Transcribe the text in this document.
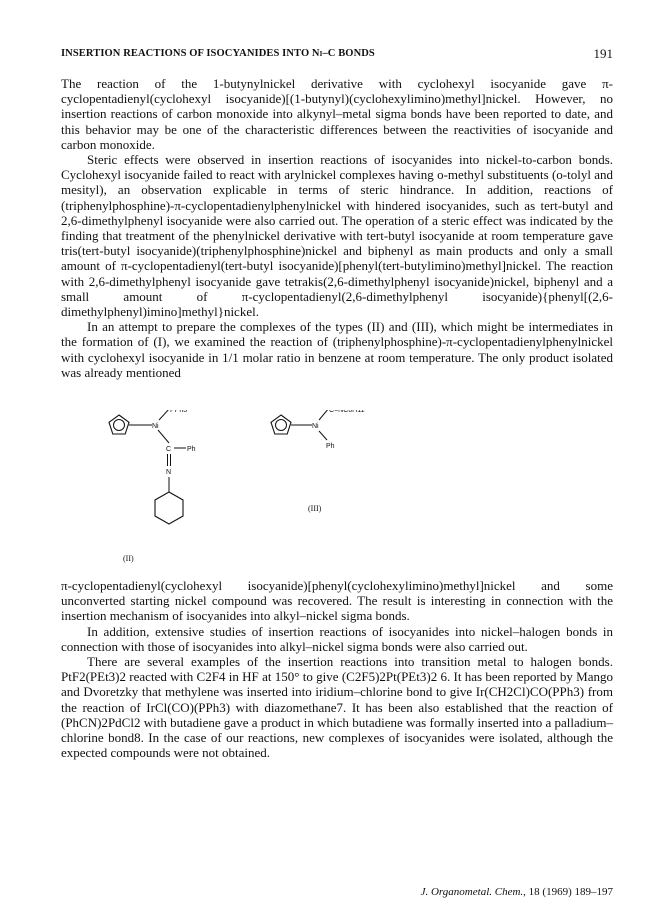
INSERTION REACTIONS OF ISOCYANIDES INTO Ni–C BONDS	191

The reaction of the 1-butynylnickel derivative with cyclohexyl isocyanide gave π-cyclopentadienyl(cyclohexyl isocyanide)[(1-butynyl)(cyclohexylimino)methyl]nickel. However, no insertion reactions of carbon monoxide into alkynyl–metal sigma bonds have been reported to date, and this behavior may be one of the characteristic differences between the reactivities of isocyanide and carbon monoxide.

Steric effects were observed in insertion reactions of isocyanides into nickel-to-carbon bonds. Cyclohexyl isocyanide failed to react with arylnickel complexes having o-methyl substituents (o-tolyl and mesityl), an observation explicable in terms of steric hindrance. In addition, reactions of (triphenylphosphine)-π-cyclopentadienylphenylnickel with hindered isocyanides, such as tert-butyl and 2,6-dimethylphenyl isocyanide were also carried out. The operation of a steric effect was indicated by the finding that treatment of the phenylnickel derivative with tert-butyl isocyanide at room temperature gave tris(tert-butyl isocyanide)(triphenylphosphine)nickel and biphenyl as main products and only a small amount of π-cyclopentadienyl(tert-butyl isocyanide)[phenyl(tert-butylimino)methyl]nickel. The reaction with 2,6-dimethylphenyl isocyanide gave tetrakis(2,6-dimethylphenyl isocyanide)nickel, biphenyl and a small amount of π-cyclopentadienyl(2,6-dimethylphenyl isocyanide){phenyl[(2,6-dimethylphenyl)imino]methyl}nickel.

In an attempt to prepare the complexes of the types (II) and (III), which might be intermediates in the formation of (I), we examined the reaction of (triphenylphosphine)-π-cyclopentadienylphenylnickel with cyclohexyl isocyanide in 1/1 molar ratio in benzene at room temperature. The only product isolated was already mentioned

Ni
PPh3
C Ph
N
(II)
Ni
C≡NC6H11
Ph
(III)

π-cyclopentadienyl(cyclohexyl isocyanide)[phenyl(cyclohexylimino)methyl]nickel and some unconverted starting nickel compound was recovered. The result is interesting in connection with the insertion mechanism of isocyanides into alkyl–nickel sigma bonds.

In addition, extensive studies of insertion reactions of isocyanides into nickel–halogen bonds in connection with those of isocyanides into alkyl–nickel sigma bonds were also carried out.

There are several examples of the insertion reactions into transition metal to halogen bonds. PtF2(PEt3)2 reacted with C2F4 in HF at 150° to give (C2F5)2Pt(PEt3)2 6. It has been reported by Mango and Dvoretzky that methylene was inserted into iridium–chlorine bond to give Ir(CH2Cl)CO(PPh3) from the reaction of IrCl(CO)(PPh3) with diazomethane7. It has been also established that the reaction of (PhCN)2PdCl2 with butadiene gave a product in which butadiene was formally inserted into a palladium–chlorine bond8. In the case of our reactions, new complexes of isocyanides were isolated, although the expected compounds were not obtained.

J. Organometal. Chem., 18 (1969) 189–197
